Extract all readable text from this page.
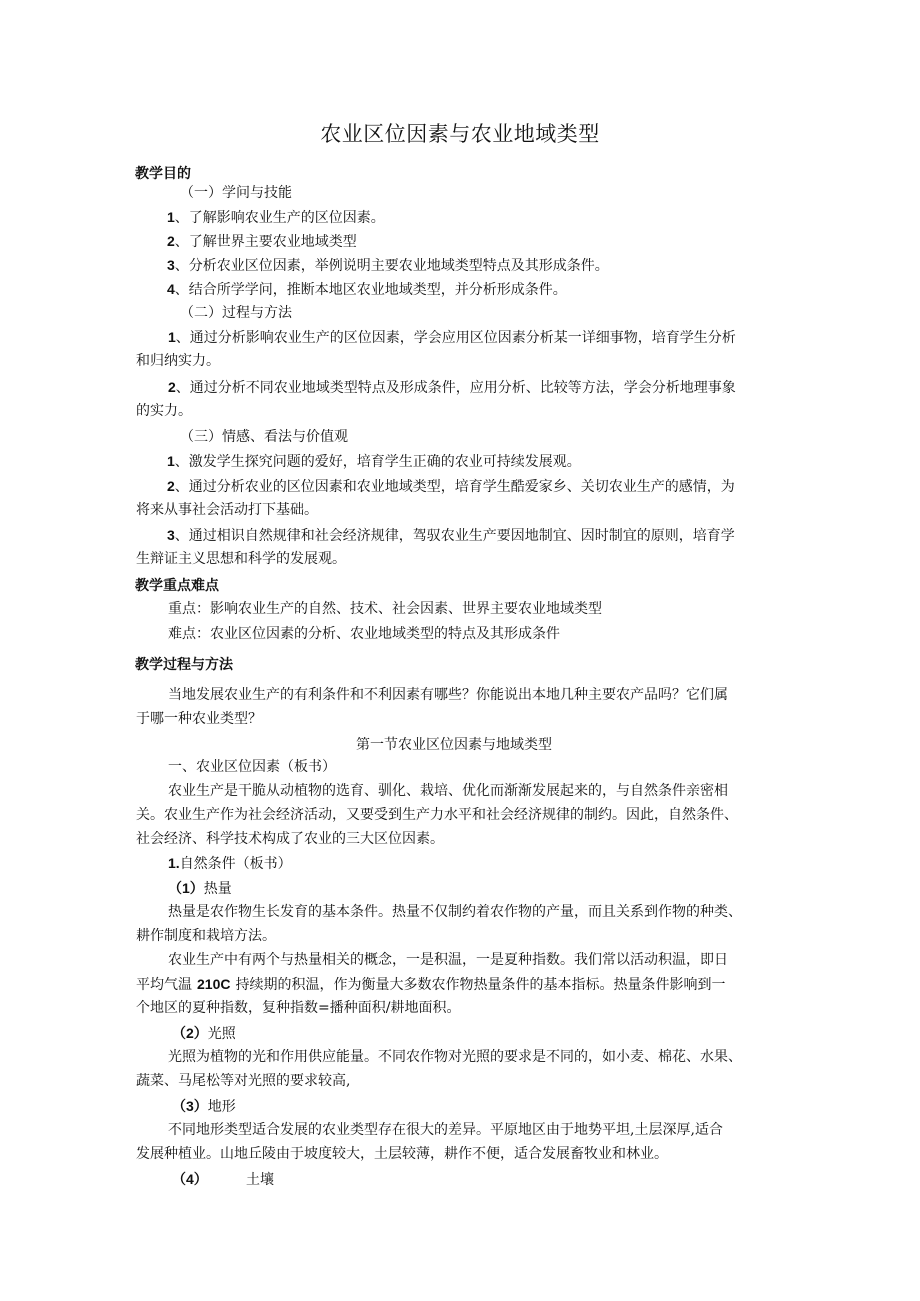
农业区位因素与农业地域类型
教学目的
（一）学问与技能
1、了解影响农业生产的区位因素。
2、了解世界主要农业地域类型
3、分析农业区位因素，举例说明主要农业地域类型特点及其形成条件。
4、结合所学学问，推断本地区农业地域类型，并分析形成条件。
（二）过程与方法
1、通过分析影响农业生产的区位因素，学会应用区位因素分析某一详细事物，培育学生分析
和归纳实力。
2、通过分析不同农业地域类型特点及形成条件，应用分析、比较等方法，学会分析地理事象
的实力。
（三）情感、看法与价值观
1、激发学生探究问题的爱好，培育学生正确的农业可持续发展观。
2、通过分析农业的区位因素和农业地域类型，培育学生酷爱家乡、关切农业生产的感情，为
将来从事社会活动打下基础。
3、通过相识自然规律和社会经济规律，驾驭农业生产要因地制宜、因时制宜的原则，培育学
生辩证主义思想和科学的发展观。
教学重点难点
重点：影响农业生产的自然、技术、社会因素、世界主要农业地域类型
难点：农业区位因素的分析、农业地域类型的特点及其形成条件
教学过程与方法
当地发展农业生产的有利条件和不利因素有哪些？你能说出本地几种主要农产品吗？它们属
于哪一种农业类型？
第一节农业区位因素与地域类型
一、农业区位因素（板书）
农业生产是干脆从动植物的选育、驯化、栽培、优化而渐渐发展起来的，与自然条件亲密相
关。农业生产作为社会经济活动，又要受到生产力水平和社会经济规律的制约。因此，自然条件、
社会经济、科学技术构成了农业的三大区位因素。
1.自然条件（板书）
（1）热量
热量是农作物生长发育的基本条件。热量不仅制约着农作物的产量，而且关系到作物的种类、
耕作制度和栽培方法。
农业生产中有两个与热量相关的概念，一是积温，一是夏种指数。我们常以活动积温，即日
平均气温 210C 持续期的积温，作为衡量大多数农作物热量条件的基本指标。热量条件影响到一
个地区的夏种指数，复种指数=播种面积/耕地面积。
（2）光照
光照为植物的光和作用供应能量。不同农作物对光照的要求是不同的，如小麦、棉花、水果、
蔬菜、马尾松等对光照的要求较高,
（3）地形
不同地形类型适合发展的农业类型存在很大的差异。平原地区由于地势平坦,土层深厚,适合
发展种植业。山地丘陵由于坡度较大，土层较薄，耕作不便，适合发展畜牧业和林业。
（4）	土壤
